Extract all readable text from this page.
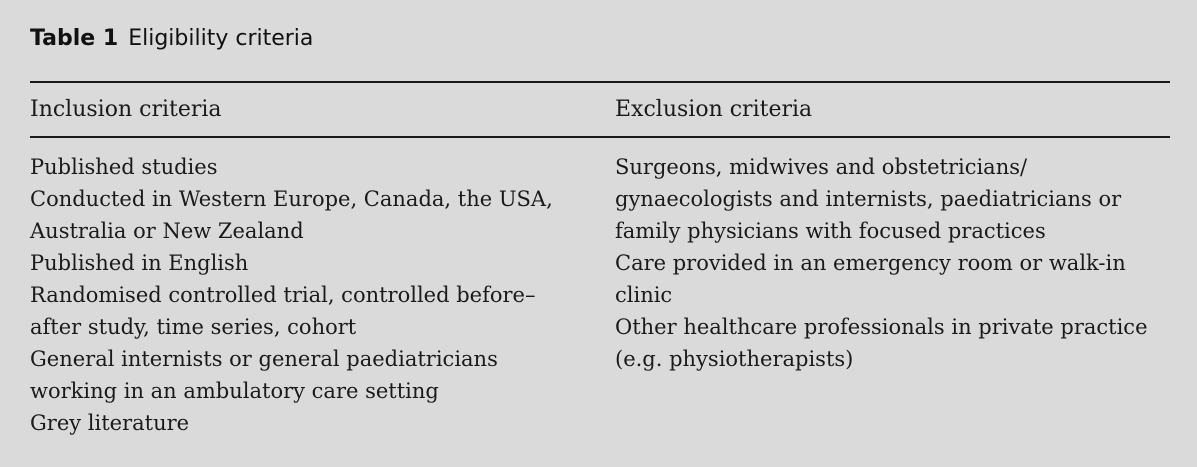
Table 1 Eligibility criteria
Inclusion criteria	Exclusion criteria
Published studies
Conducted in Western Europe, Canada, the USA,
Australia or New Zealand
Published in English
Randomised controlled trial, controlled before–
after study, time series, cohort
General internists or general paediatricians
working in an ambulatory care setting
Grey literature
Surgeons, midwives and obstetricians/
gynaecologists and internists, paediatricians or
family physicians with focused practices
Care provided in an emergency room or walk-in
clinic
Other healthcare professionals in private practice
(e.g. physiotherapists)
